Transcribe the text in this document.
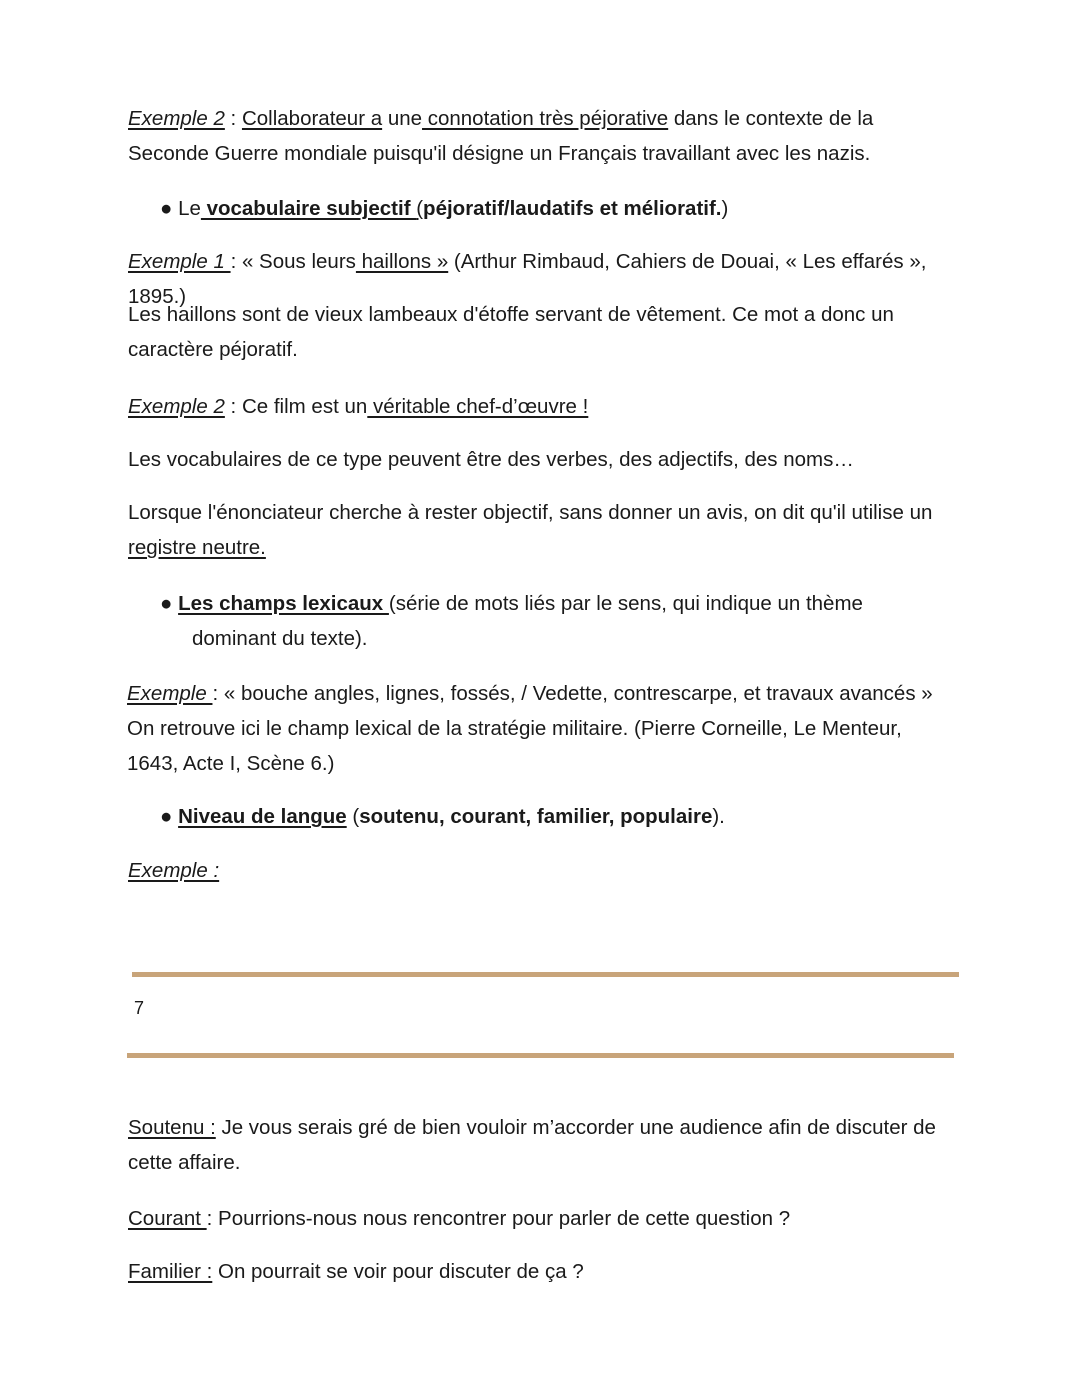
Exemple 2 : Collaborateur a une connotation très péjorative dans le contexte de la Seconde Guerre mondiale puisqu'il désigne un Français travaillant avec les nazis.
● Le vocabulaire subjectif (péjoratif/laudatifs et mélioratif.)
Exemple 1 : « Sous leurs haillons » (Arthur Rimbaud, Cahiers de Douai, « Les effarés », 1895.)
Les haillons sont de vieux lambeaux d'étoffe servant de vêtement. Ce mot a donc un caractère péjoratif.
Exemple 2 : Ce film est un véritable chef-d’œuvre !
Les vocabulaires de ce type peuvent être des verbes, des adjectifs, des noms…
Lorsque l'énonciateur cherche à rester objectif, sans donner un avis, on dit qu'il utilise un registre neutre.
● Les champs lexicaux (série de mots liés par le sens, qui indique un thème
dominant du texte).
Exemple : « bouche angles, lignes, fossés, / Vedette, contrescarpe, et travaux avancés » On retrouve ici le champ lexical de la stratégie militaire. (Pierre Corneille, Le Menteur, 1643, Acte I, Scène 6.)
● Niveau de langue (soutenu, courant, familier, populaire).
Exemple :
7
Soutenu : Je vous serais gré de bien vouloir m’accorder une audience afin de discuter de cette affaire.
Courant : Pourrions-nous nous rencontrer pour parler de cette question ?
Familier : On pourrait se voir pour discuter de ça ?
